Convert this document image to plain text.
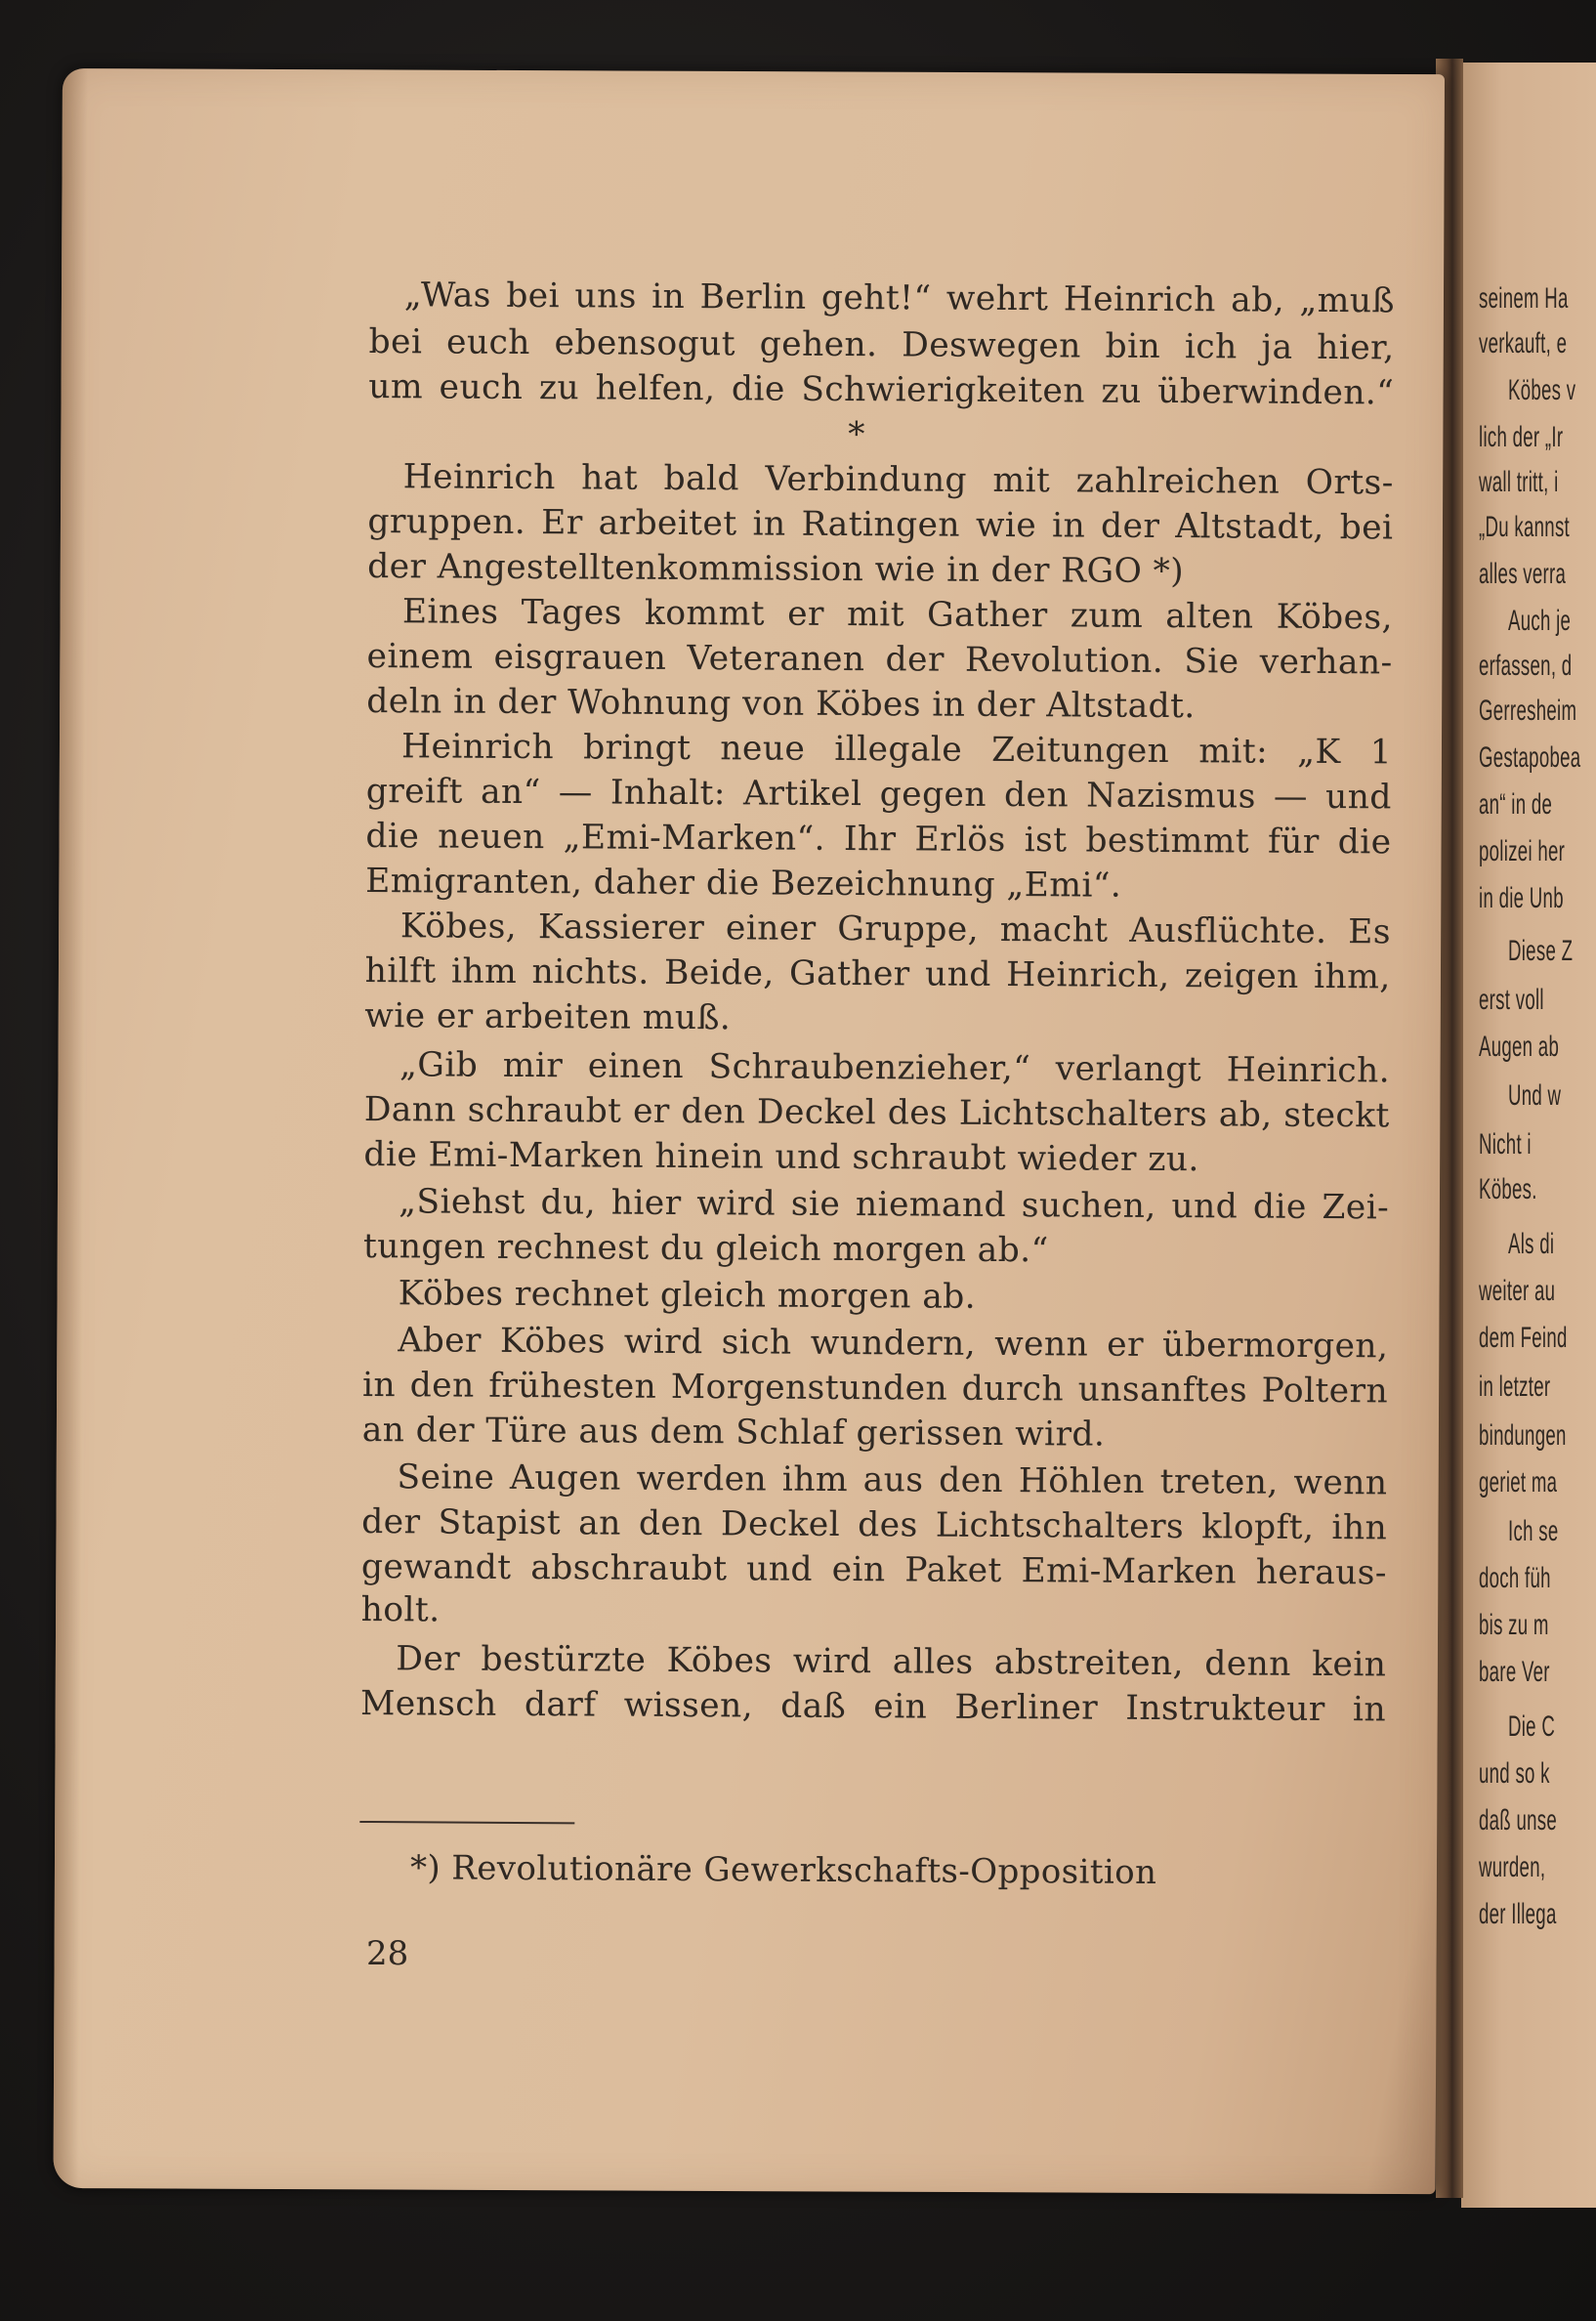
seinem Ha
verkauft, e
Köbes v
lich der „Ir
wall tritt, i
„Du kannst
alles verra
Auch je
erfassen, d
Gerresheim
Gestapobea
an“ in de
polizei her
in die Unb
Diese Z
erst voll
Augen ab
Und w
Nicht i
Köbes.
Als di
weiter au
dem Feind
in letzter
bindungen
geriet ma
Ich se
doch füh
bis zu m
bare Ver
Die C
und so k
daß unse
wurden,
der Illega
*) Revolutionäre Gewerkschafts-Opposition
„Was bei uns in Berlin geht!“ wehrt Heinrich ab, „muß
bei euch ebensogut gehen. Deswegen bin ich ja hier,
um euch zu helfen, die Schwierigkeiten zu überwinden.“
*
Heinrich hat bald Verbindung mit zahlreichen Orts-
gruppen. Er arbeitet in Ratingen wie in der Altstadt, bei
der Angestelltenkommission wie in der RGO *)
Eines Tages kommt er mit Gather zum alten Köbes,
einem eisgrauen Veteranen der Revolution. Sie verhan-
deln in der Wohnung von Köbes in der Altstadt.
Heinrich bringt neue illegale Zeitungen mit: „K 1
greift an“ — Inhalt: Artikel gegen den Nazismus — und
die neuen „Emi-Marken“. Ihr Erlös ist bestimmt für die
Emigranten, daher die Bezeichnung „Emi“.
Köbes, Kassierer einer Gruppe, macht Ausflüchte. Es
hilft ihm nichts. Beide, Gather und Heinrich, zeigen ihm,
wie er arbeiten muß.
„Gib mir einen Schraubenzieher,“ verlangt Heinrich.
Dann schraubt er den Deckel des Lichtschalters ab, steckt
die Emi-Marken hinein und schraubt wieder zu.
„Siehst du, hier wird sie niemand suchen, und die Zei-
tungen rechnest du gleich morgen ab.“
Köbes rechnet gleich morgen ab.
Aber Köbes wird sich wundern, wenn er übermorgen,
in den frühesten Morgenstunden durch unsanftes Poltern
an der Türe aus dem Schlaf gerissen wird.
Seine Augen werden ihm aus den Höhlen treten, wenn
der Stapist an den Deckel des Lichtschalters klopft, ihn
gewandt abschraubt und ein Paket Emi-Marken heraus-
holt.
Der bestürzte Köbes wird alles abstreiten, denn kein
Mensch darf wissen, daß ein Berliner Instrukteur in
28
